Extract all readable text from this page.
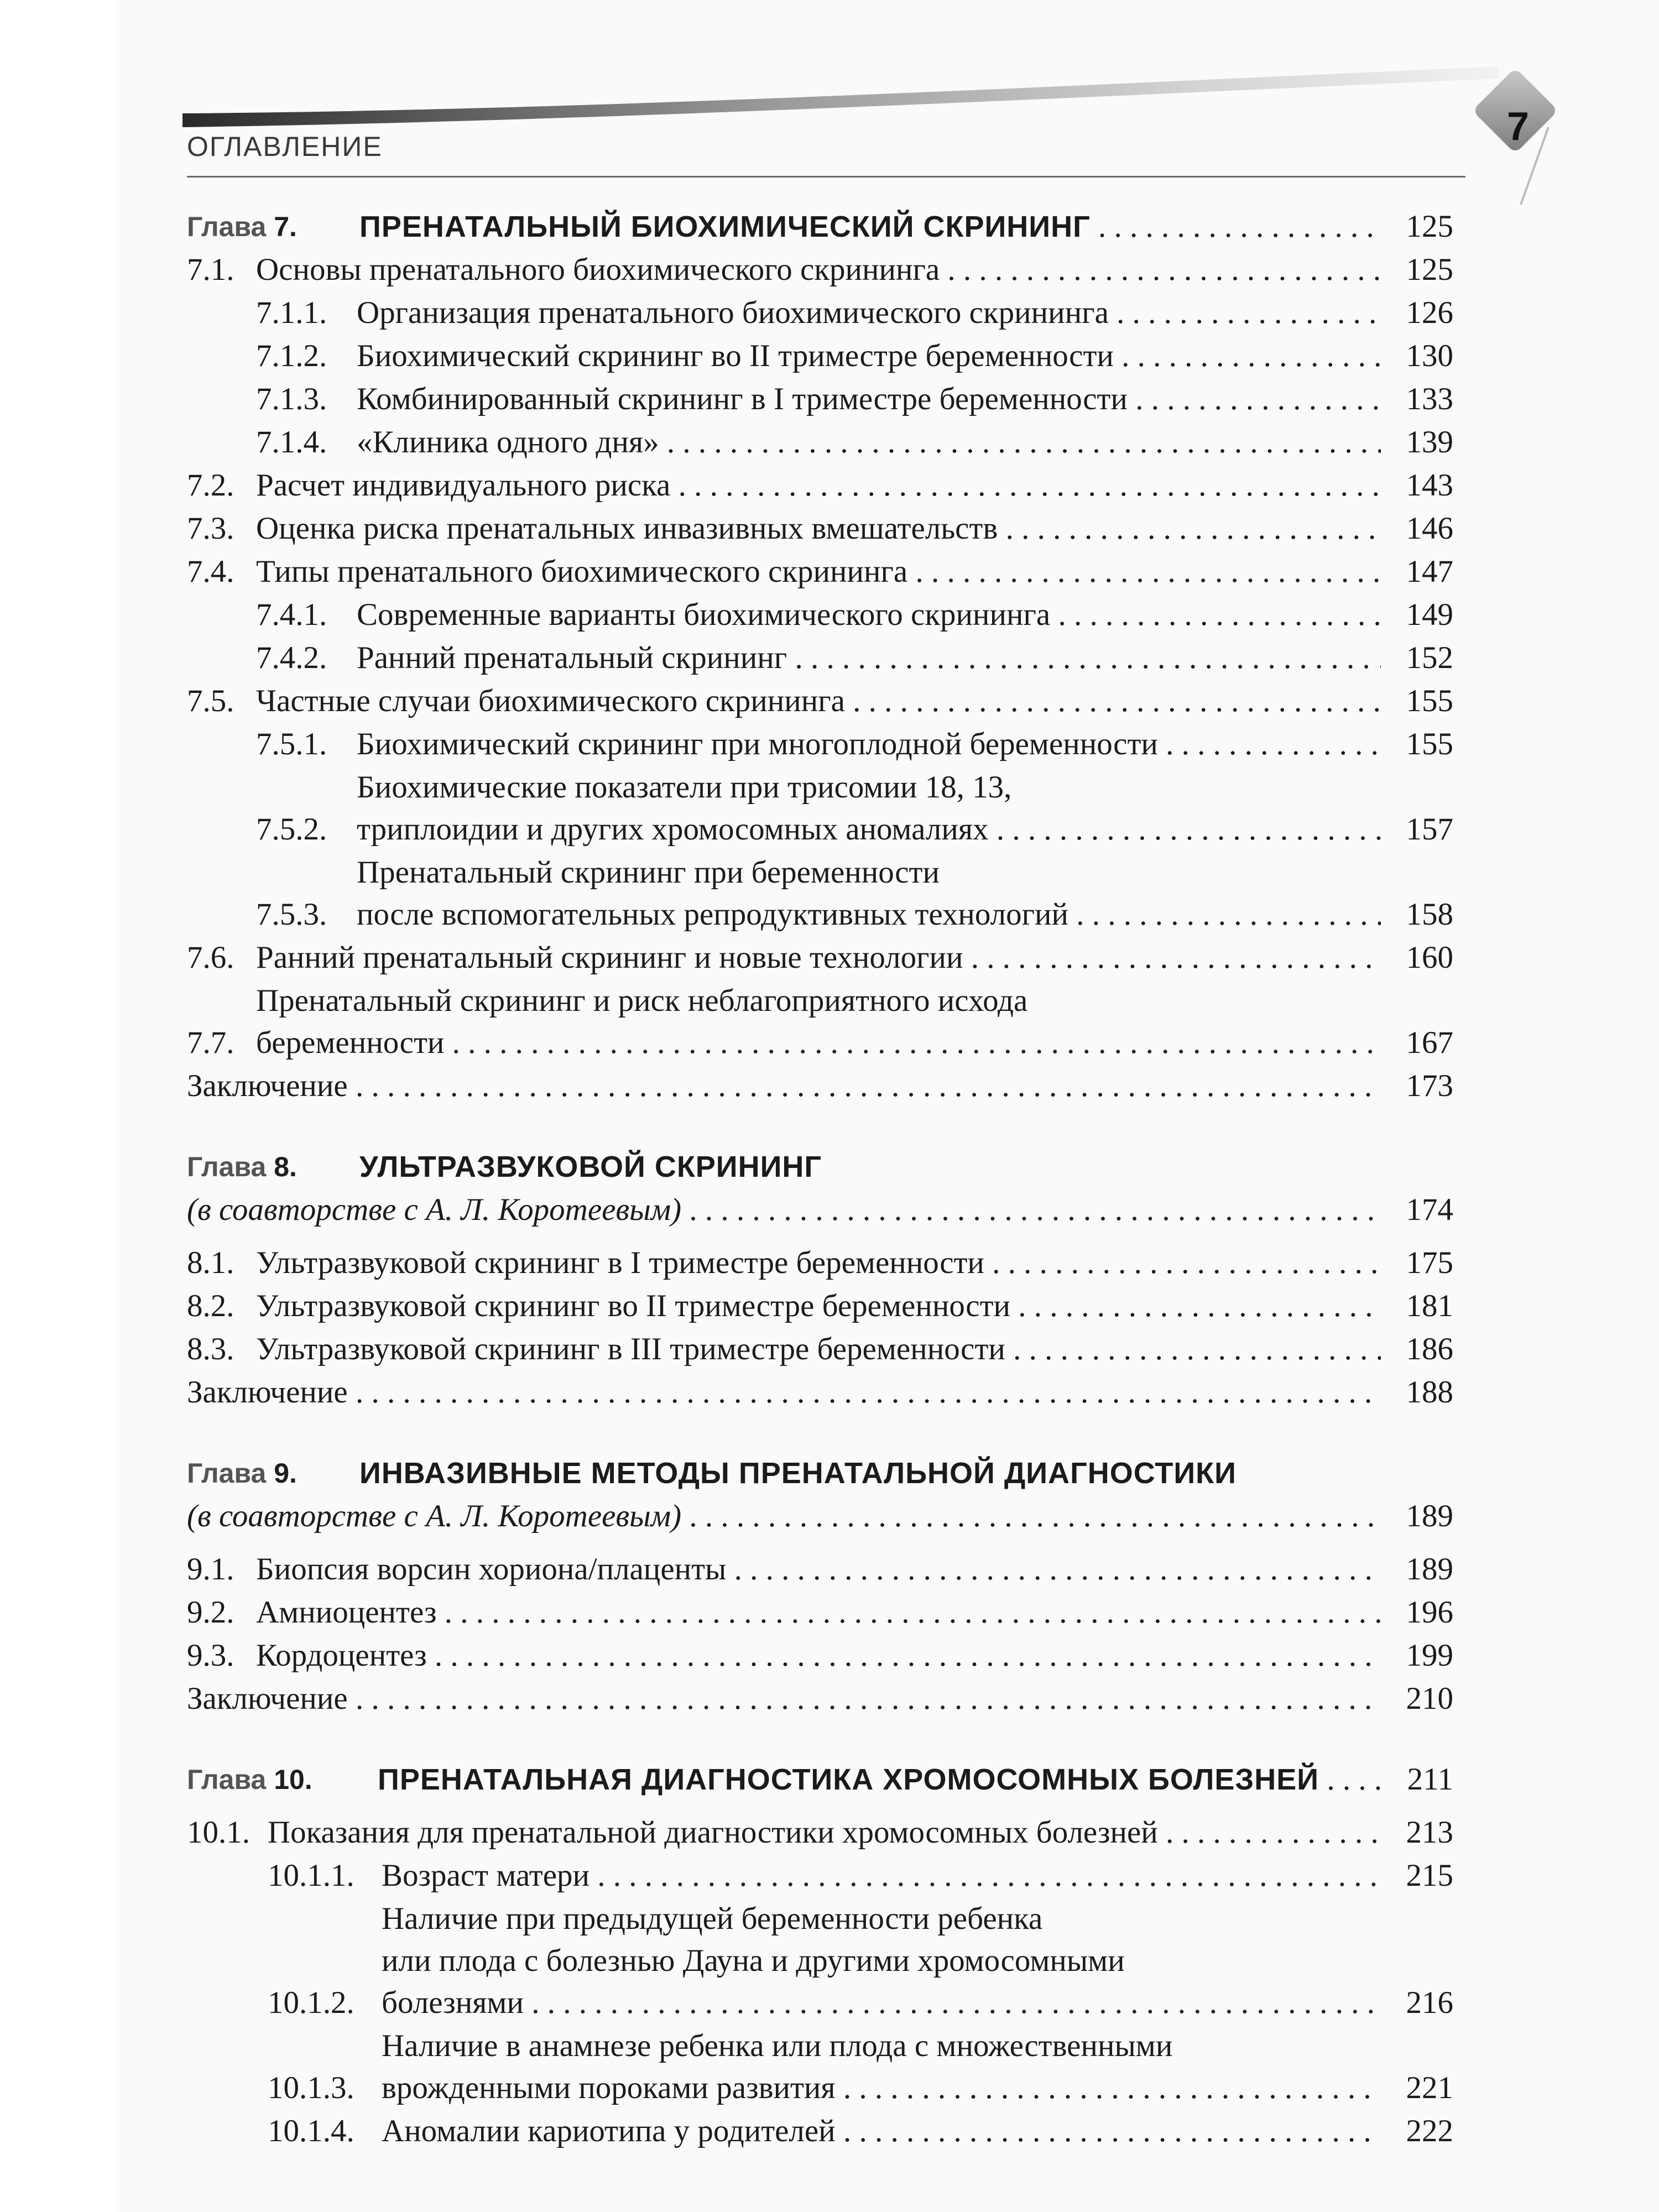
ОГЛАВЛЕНИЕ	7
Глава 7.	ПРЕНАТАЛЬНЫЙ БИОХИМИЧЕСКИЙ СКРИНИНГ . . .	125
7.1. Основы пренатального биохимического скрининга . . .	125
7.1.1. Организация пренатального биохимического скрининга . . .	126
7.1.2. Биохимический скрининг во II триместре беременности . . .	130
7.1.3. Комбинированный скрининг в I триместре беременности . . .	133
7.1.4. «Клиника одного дня» . . .	139
7.2. Расчет индивидуального риска . . .	143
7.3. Оценка риска пренатальных инвазивных вмешательств . . .	146
7.4. Типы пренатального биохимического скрининга . . .	147
7.4.1. Современные варианты биохимического скрининга . . .	149
7.4.2. Ранний пренатальный скрининг . . .	152
7.5. Частные случаи биохимического скрининга . . .	155
7.5.1. Биохимический скрининг при многоплодной беременности . . .	155
7.5.2.
Биохимические показатели при трисомии 18, 13,
триплоидии и других хромосомных аномалиях . . .	157
7.5.3.
Пренатальный скрининг при беременности
после вспомогательных репродуктивных технологий . . .	158
7.6. Ранний пренатальный скрининг и новые технологии . . .	160
7.7.
Пренатальный скрининг и риск неблагоприятного исхода
беременности . . .	167
Заключение . . .	173
Глава 8.	УЛЬТРАЗВУКОВОЙ СКРИНИНГ
(в соавторстве с А. Л. Коротеевым) . . .	174
8.1. Ультразвуковой скрининг в I триместре беременности . . .	175
8.2. Ультразвуковой скрининг во II триместре беременности . . .	181
8.3. Ультразвуковой скрининг в III триместре беременности . . .	186
Заключение . . .	188
Глава 9.	ИНВАЗИВНЫЕ МЕТОДЫ ПРЕНАТАЛЬНОЙ ДИАГНОСТИКИ
(в соавторстве с А. Л. Коротеевым) . . .	189
9.1. Биопсия ворсин хориона/плаценты . . .	189
9.2. Амниоцентез . . .	196
9.3. Кордоцентез . . .	199
Заключение . . .	210
Глава 10.	ПРЕНАТАЛЬНАЯ ДИАГНОСТИКА ХРОМОСОМНЫХ БОЛЕЗНЕЙ . . .	211
10.1. Показания для пренатальной диагностики хромосомных болезней . . .	213
10.1.1. Возраст матери . . .	215
10.1.2.
Наличие при предыдущей беременности ребенка
или плода с болезнью Дауна и другими хромосомными
болезнями . . .	216
10.1.3.
Наличие в анамнезе ребенка или плода с множественными
врожденными пороками развития . . .	221
10.1.4. Аномалии кариотипа у родителей . . .	222
